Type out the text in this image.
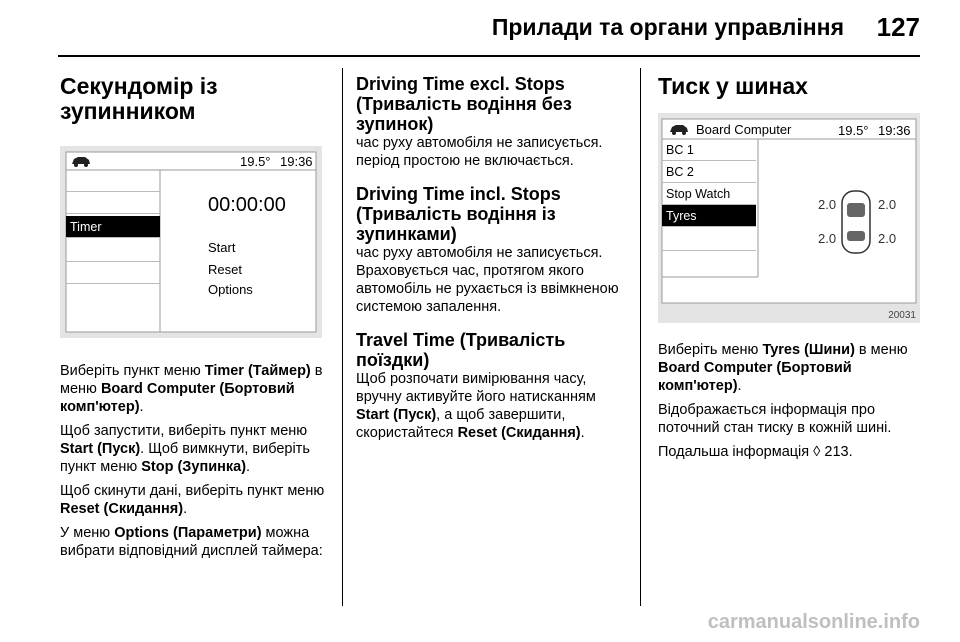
Прилади та органи управління 127
Секундомір із
зупинником
19.5° 19:36
Timer
00:00:00
Start
Reset
Options

Виберіть пункт меню Timer (Таймер) в меню Board Computer (Бортовий комп'ютер).

Щоб запустити, виберіть пункт меню Start (Пуск). Щоб вимкнути, виберіть пункт меню Stop (Зупинка).

Щоб скинути дані, виберіть пункт меню Reset (Скидання).

У меню Options (Параметри) можна вибрати відповідний дисплей таймера:

Driving Time excl. Stops
(Тривалість водіння без
зупинок)

час руху автомобіля не записується. період простою не включається.

Driving Time incl. Stops
(Тривалість водіння із
зупинками)

час руху автомобіля не записується. Враховується час, протягом якого автомобіль не рухається із ввімкненою системою запалення.

Travel Time (Тривалість
поїздки)

Щоб розпочати вимірювання часу, вручну активуйте його натисканням Start (Пуск), а щоб завершити, скористайтеся Reset (Скидання).

Тиск у шинах
Board Computer	19.5° 19:36
BC 1
BC 2
Stop Watch
Tyres
2.0	2.0
2.0	2.0
20031

Виберіть меню Tyres (Шини) в меню Board Computer (Бортовий комп'ютер).

Відображається інформація про поточний стан тиску в кожній шині.

Подальша інформація ◊ 213.

carmanualsonline.info
